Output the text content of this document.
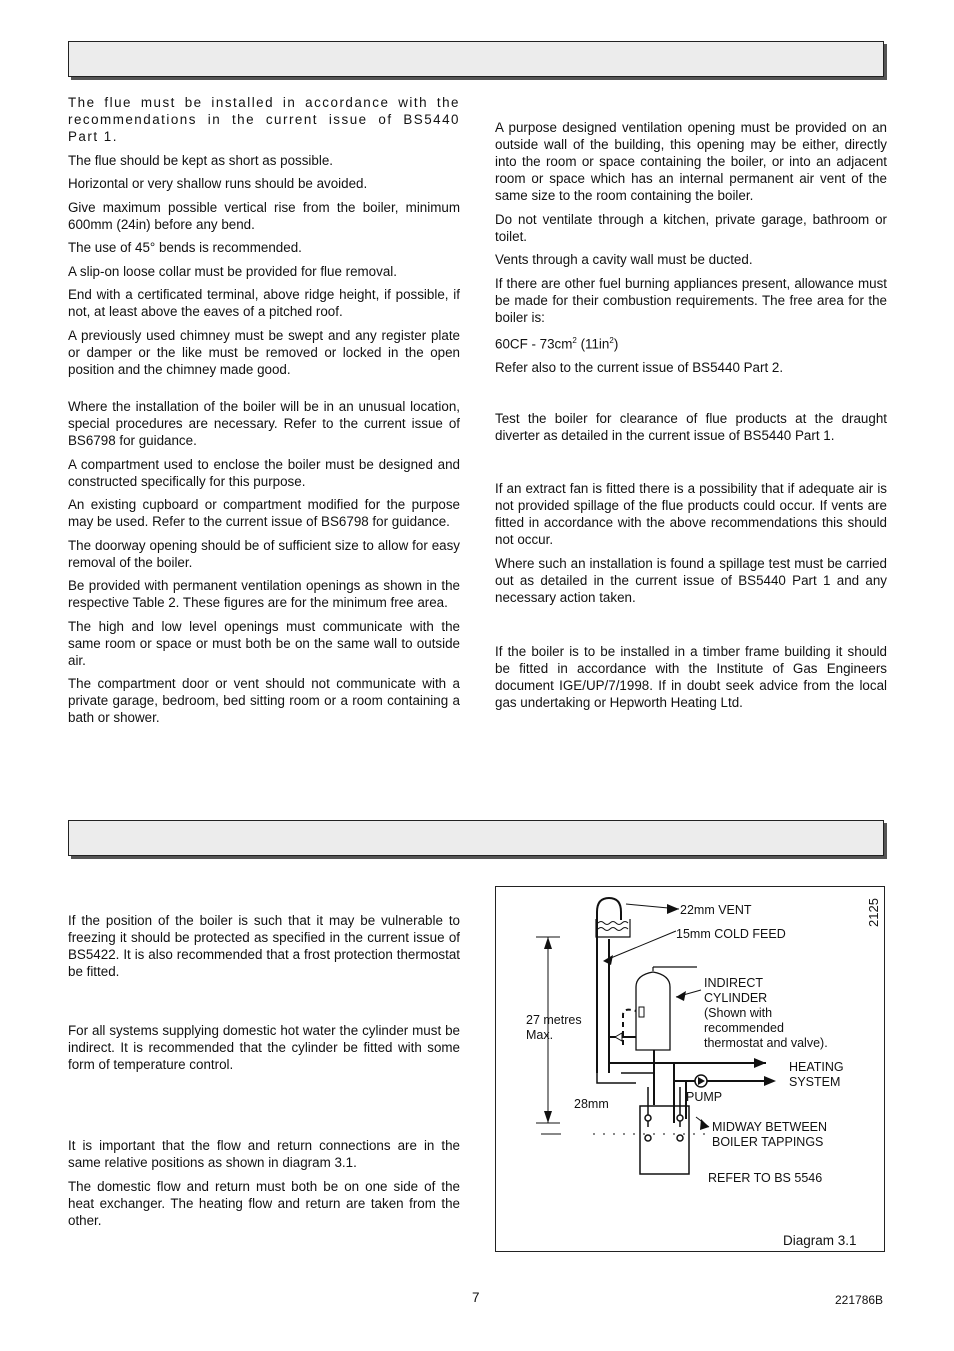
The flue must be installed in accordance with the recommendations in the current issue of BS5440 Part 1.

The flue should be kept as short as possible.

Horizontal or very shallow runs should be avoided.

Give maximum possible vertical rise from the boiler, minimum 600mm (24in) before any bend.

The use of 45° bends is recommended.

A slip-on loose collar must be provided for flue removal.

End with a certificated terminal, above ridge height, if possible, if not, at least above the eaves of a pitched roof.

A previously used chimney must be swept and any register plate or damper or the like must be removed or locked in the open position and the chimney made good.

Where the installation of the boiler will be in an unusual location, special procedures are necessary. Refer to the current issue of BS6798 for guidance.

A compartment used to enclose the boiler must be designed and constructed specifically for this purpose.

An existing cupboard or compartment modified for the purpose may be used. Refer to the current issue of BS6798 for guidance.

The doorway opening should be of sufficient size to allow for easy removal of the boiler.

Be provided with permanent ventilation openings as shown in the respective Table 2. These figures are for the minimum free area.

The high and low level openings must communicate with the same room or space or must both be on the same wall to outside air.

The compartment door or vent should not communicate with a private garage, bedroom, bed sitting room or a room containing a bath or shower.

A purpose designed ventilation opening must be provided on an outside wall of the building, this opening may be either, directly into the room or space containing the boiler, or into an adjacent room or space which has an internal permanent air vent of the same size to the room containing the boiler.

Do not ventilate through a kitchen, private garage, bathroom or toilet.

Vents through a cavity wall must be ducted.

If there are other fuel burning appliances present, allowance must be made for their combustion requirements. The free area for the boiler is:

$60CF - 73cm^2$ $(11in^2)$

Refer also to the current issue of BS5440 Part 2.

Test the boiler for clearance of flue products at the draught diverter as detailed in the current issue of BS5440 Part 1.

If an extract fan is fitted there is a possibility that if adequate air is not provided spillage of the flue products could occur. If vents are fitted in accordance with the above recommendations this should not occur.

Where such an installation is found a spillage test must be carried out as detailed in the current issue of BS5440 Part 1 and any necessary action taken.

If the boiler is to be installed in a timber frame building it should be fitted in accordance with the Institute of Gas Engineers document IGE/UP/7/1998. If in doubt seek advice from the local gas undertaking or Hepworth Heating Ltd.

If the position of the boiler is such that it may be vulnerable to freezing it should be protected as specified in the current issue of BS5422. It is also recommended that a frost protection thermostat be fitted.

For all systems supplying domestic hot water the cylinder must be indirect. It is recommended that the cylinder be fitted with some form of temperature control.

It is important that the flow and return connections are in the same relative positions as shown in diagram 3.1.

The domestic flow and return must both be on one side of the heat exchanger. The heating flow and return are taken from the other.

22mm VENT
15mm COLD FEED
INDIRECT
CYLINDER
(Shown with
recommended
thermostat and valve).
27 metres
Max.
HEATING
SYSTEM
PUMP
28mm
MIDWAY BETWEEN
BOILER TAPPINGS
REFER TO BS 5546
2125
Diagram 3.1
7	221786B
